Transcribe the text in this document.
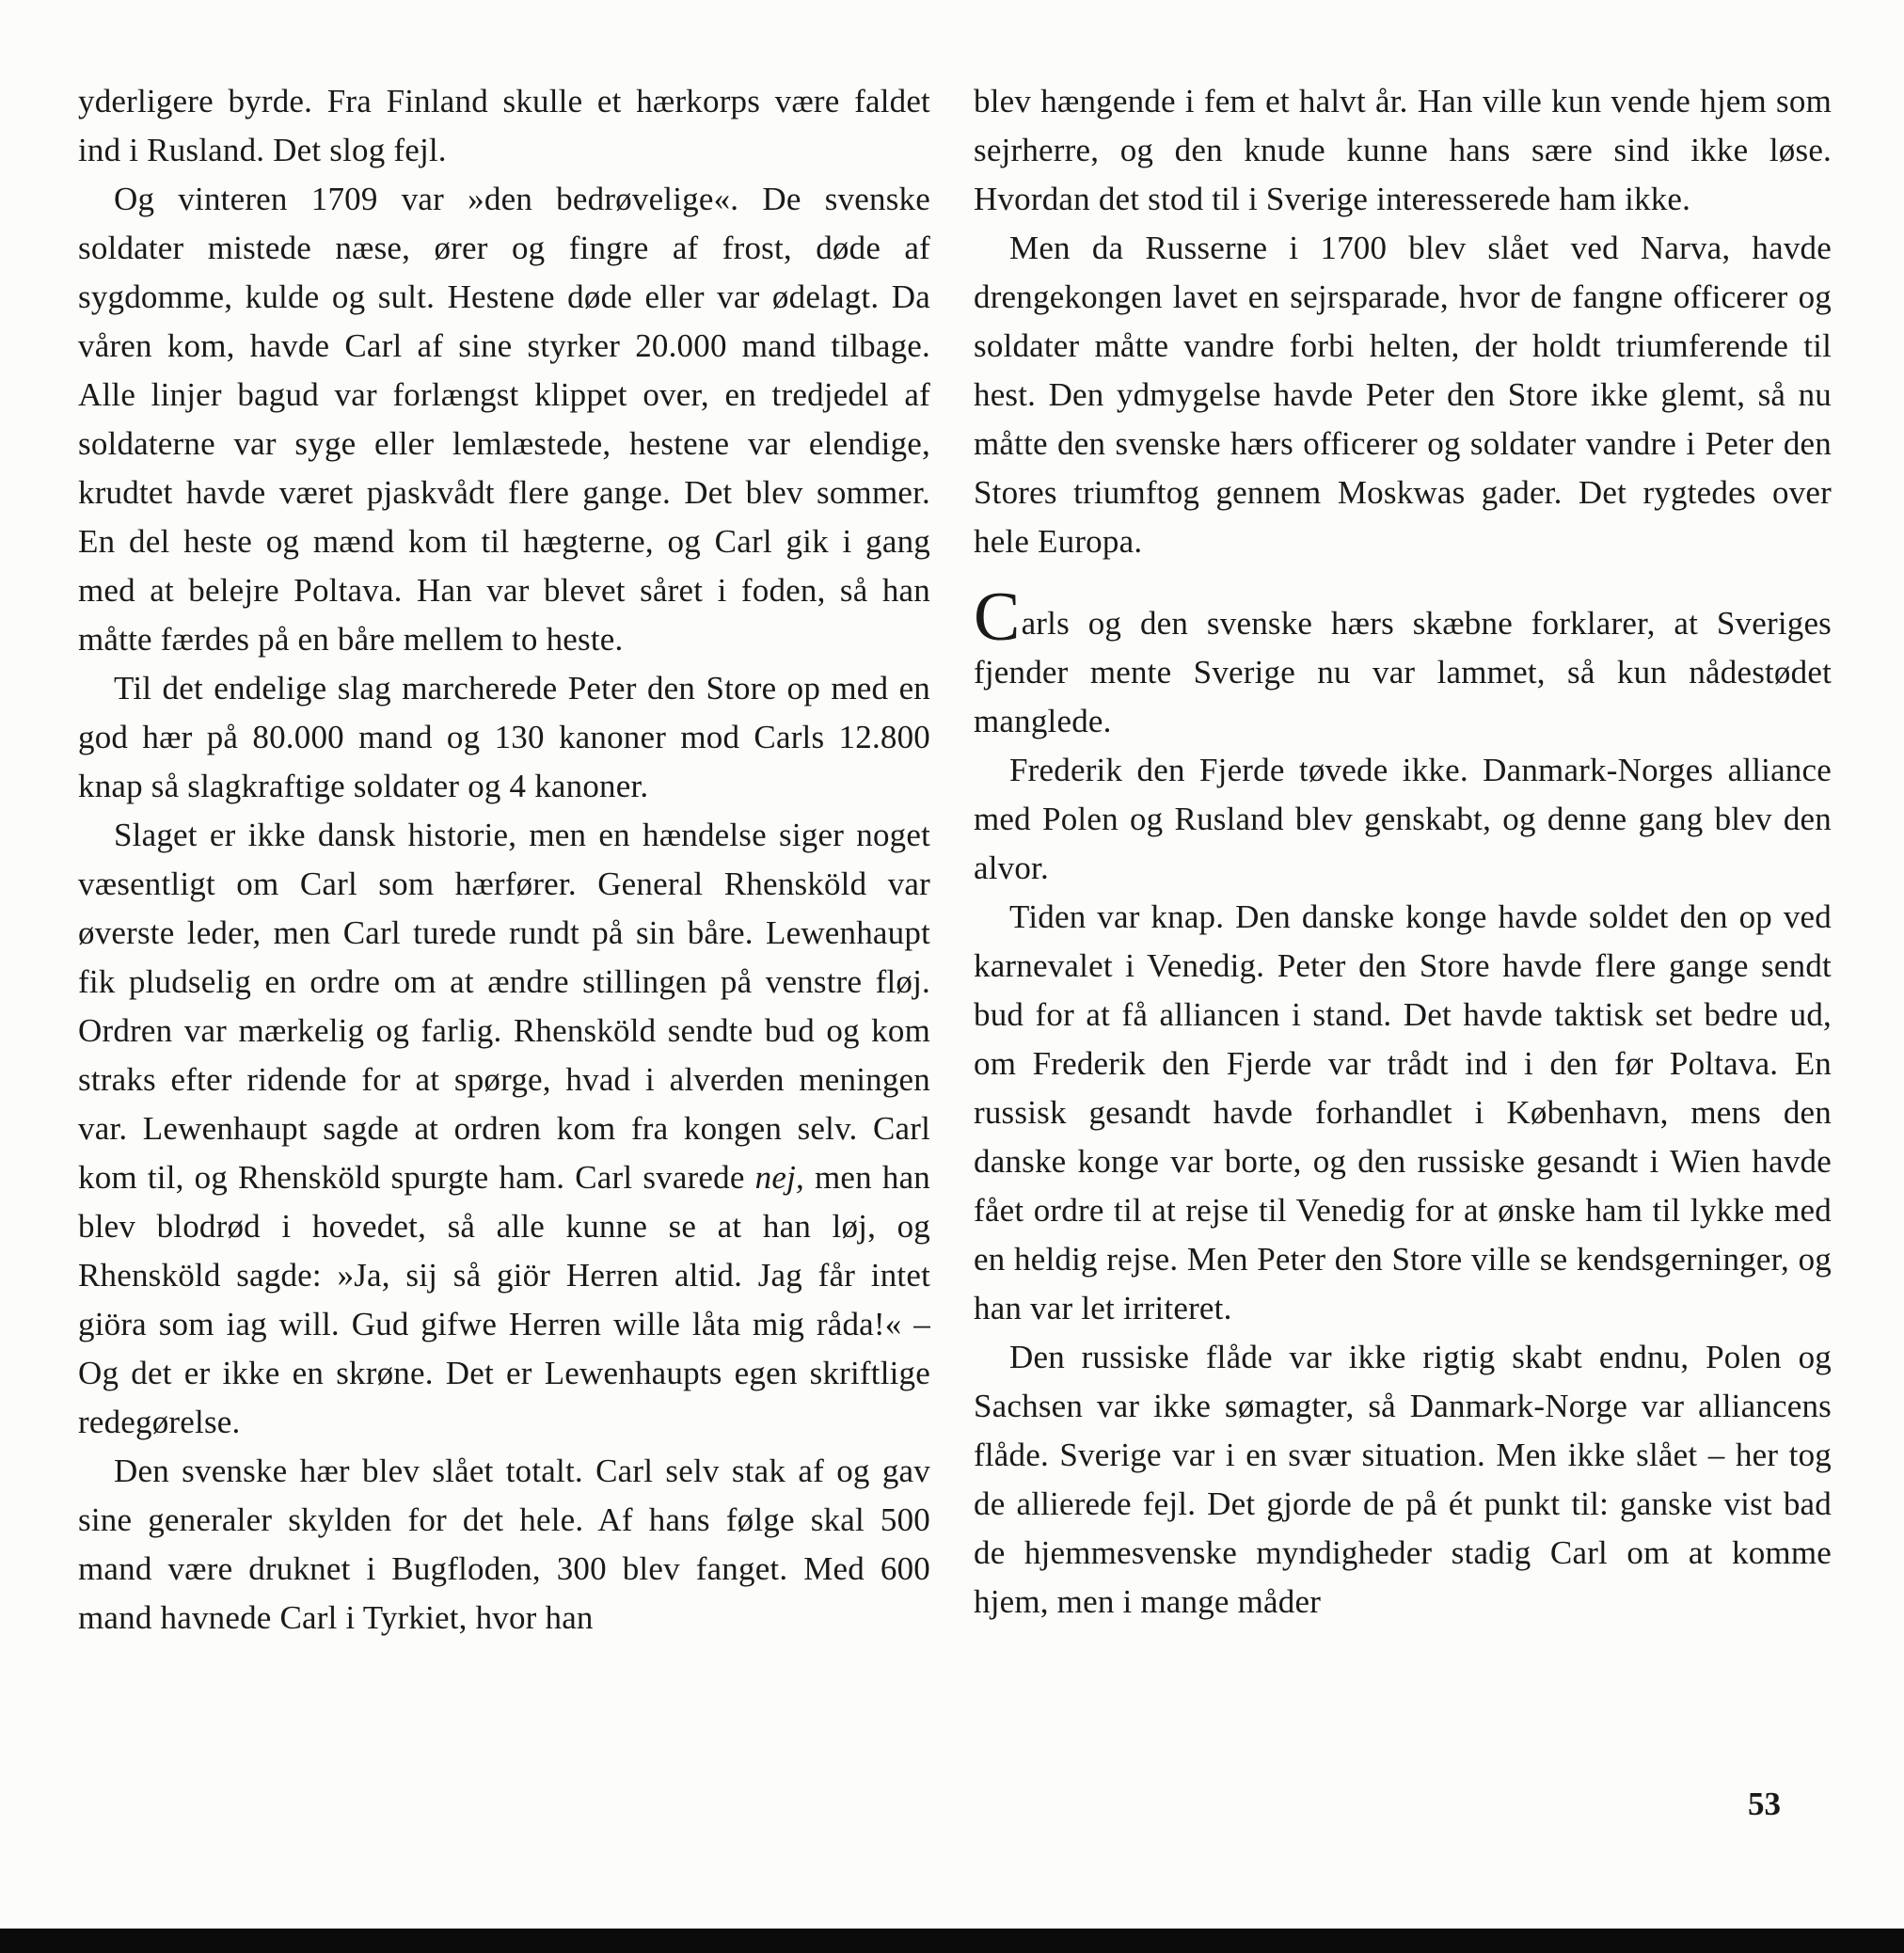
yderligere byrde. Fra Finland skulle et hærkorps være faldet ind i Rusland. Det slog fejl.

Og vinteren 1709 var »den bedrøvelige«. De svenske soldater mistede næse, ører og fingre af frost, døde af sygdomme, kulde og sult. Hestene døde eller var ødelagt. Da våren kom, havde Carl af sine styrker 20.000 mand tilbage. Alle linjer bagud var forlængst klippet over, en tredjedel af soldaterne var syge eller lemlæstede, hestene var elendige, krudtet havde været pjaskvådt flere gange. Det blev sommer. En del heste og mænd kom til hægterne, og Carl gik i gang med at belejre Poltava. Han var blevet såret i foden, så han måtte færdes på en båre mellem to heste.

Til det endelige slag marcherede Peter den Store op med en god hær på 80.000 mand og 130 kanoner mod Carls 12.800 knap så slagkraftige soldater og 4 kanoner.

Slaget er ikke dansk historie, men en hændelse siger noget væsentligt om Carl som hærfører. General Rhensköld var øverste leder, men Carl turede rundt på sin båre. Lewenhaupt fik pludselig en ordre om at ændre stillingen på venstre fløj. Ordren var mærkelig og farlig. Rhensköld sendte bud og kom straks efter ridende for at spørge, hvad i alverden meningen var. Lewenhaupt sagde at ordren kom fra kongen selv. Carl kom til, og Rhensköld spurgte ham. Carl svarede nej, men han blev blodrød i hovedet, så alle kunne se at han løj, og Rhensköld sagde: »Ja, sij så giör Herren altid. Jag får intet giöra som iag will. Gud gifwe Herren wille låta mig råda!« – Og det er ikke en skrøne. Det er Lewenhaupts egen skriftlige redegørelse.

Den svenske hær blev slået totalt. Carl selv stak af og gav sine generaler skylden for det hele. Af hans følge skal 500 mand være druknet i Bugfloden, 300 blev fanget. Med 600 mand havnede Carl i Tyrkiet, hvor han

blev hængende i fem et halvt år. Han ville kun vende hjem som sejrherre, og den knude kunne hans sære sind ikke løse. Hvordan det stod til i Sverige interesserede ham ikke.

Men da Russerne i 1700 blev slået ved Narva, havde drengekongen lavet en sejrsparade, hvor de fangne officerer og soldater måtte vandre forbi helten, der holdt triumferende til hest. Den ydmygelse havde Peter den Store ikke glemt, så nu måtte den svenske hærs officerer og soldater vandre i Peter den Stores triumftog gennem Moskwas gader. Det rygtedes over hele Europa.

Carls og den svenske hærs skæbne forklarer, at Sveriges fjender mente Sverige nu var lammet, så kun nådestødet manglede.

Frederik den Fjerde tøvede ikke. Danmark-Norges alliance med Polen og Rusland blev genskabt, og denne gang blev den alvor.

Tiden var knap. Den danske konge havde soldet den op ved karnevalet i Venedig. Peter den Store havde flere gange sendt bud for at få alliancen i stand. Det havde taktisk set bedre ud, om Frederik den Fjerde var trådt ind i den før Poltava. En russisk gesandt havde forhandlet i København, mens den danske konge var borte, og den russiske gesandt i Wien havde fået ordre til at rejse til Venedig for at ønske ham til lykke med en heldig rejse. Men Peter den Store ville se kendsgerninger, og han var let irriteret.

Den russiske flåde var ikke rigtig skabt endnu, Polen og Sachsen var ikke sømagter, så Danmark-Norge var alliancens flåde. Sverige var i en svær situation. Men ikke slået – her tog de allierede fejl. Det gjorde de på ét punkt til: ganske vist bad de hjemmesvenske myndigheder stadig Carl om at komme hjem, men i mange måder

53
